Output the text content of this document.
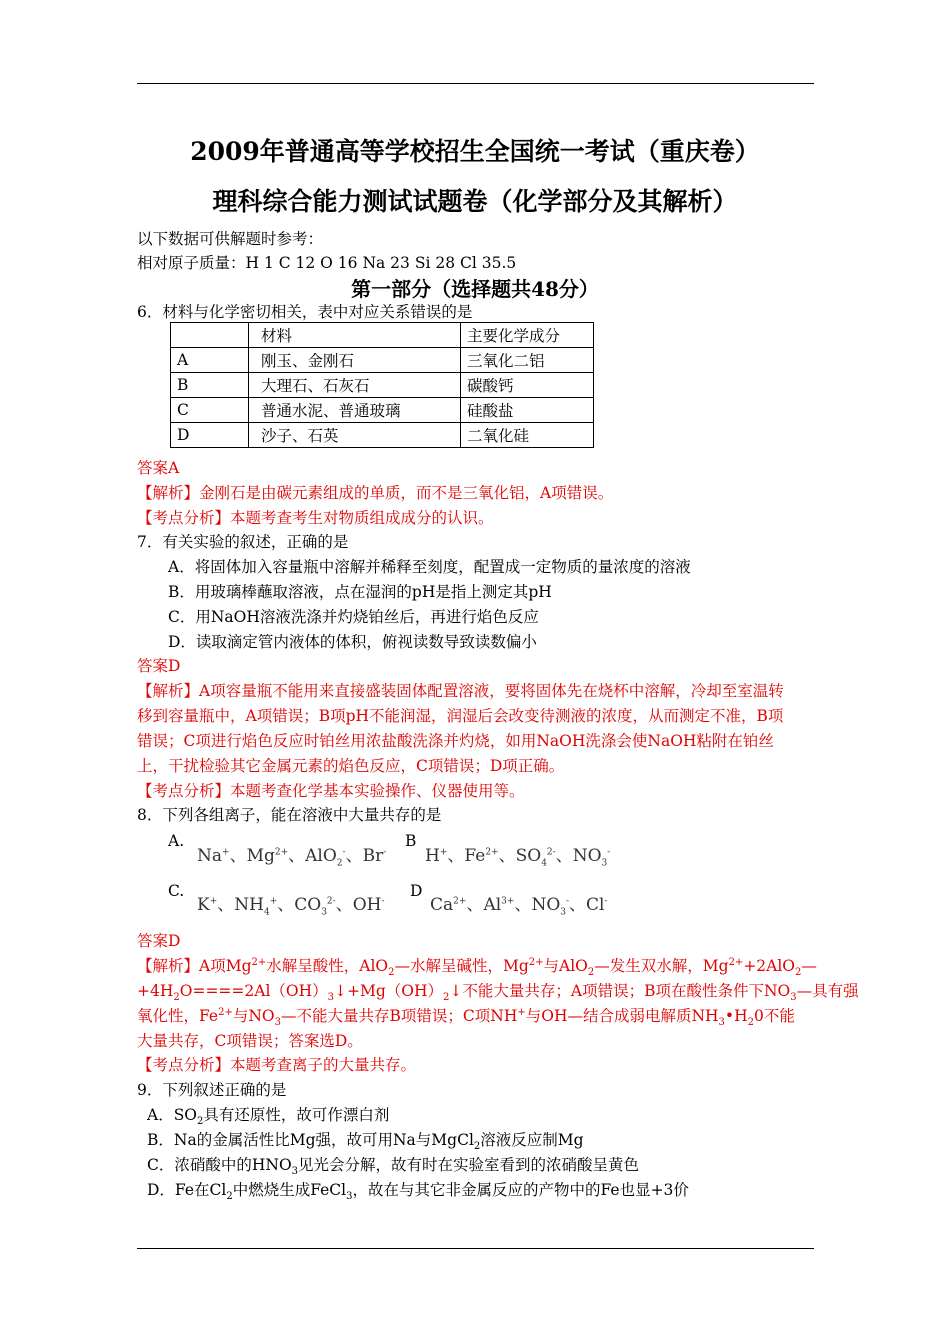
2009年普通高等学校招生全国统一考试（重庆卷）
理科综合能力测试试题卷（化学部分及其解析）
以下数据可供解题时参考：
相对原子质量：H 1 C 12 O 16 Na 23 Si 28 Cl 35.5
第一部分（选择题共48分）
6．材料与化学密切相关，表中对应关系错误的是
	材料	主要化学成分
A	刚玉、金刚石	三氧化二铝
B	大理石、石灰石	碳酸钙
C	普通水泥、普通玻璃	硅酸盐
D	沙子、石英	二氧化硅
答案A
【解析】金刚石是由碳元素组成的单质，而不是三氧化铝，A项错误。
【考点分析】本题考查考生对物质组成成分的认识。
7．有关实验的叙述，正确的是
A．将固体加入容量瓶中溶解并稀释至刻度，配置成一定物质的量浓度的溶液
B．用玻璃棒蘸取溶液，点在湿润的pH是指上测定其pH
C．用NaOH溶液洗涤并灼烧铂丝后，再进行焰色反应
D．读取滴定管内液体的体积，俯视读数导致读数偏小
答案D
【解析】A项容量瓶不能用来直接盛装固体配置溶液，要将固体先在烧杯中溶解，冷却至室温转
移到容量瓶中，A项错误；B项pH不能润湿，润湿后会改变待测液的浓度，从而测定不准，B项
错误；C项进行焰色反应时铂丝用浓盐酸洗涤并灼烧，如用NaOH洗涤会使NaOH粘附在铂丝
上，干扰检验其它金属元素的焰色反应，C项错误；D项正确。
【考点分析】本题考查化学基本实验操作、仪器使用等。
8．下列各组离子，能在溶液中大量共存的是
A.
Na+、$Mg^{2+}$、AlO$_2$-、Br-
B
H+、$Fe^{2+}$、$SO_4^{2-}$、$NO_3^-$
C.
K+、$NH_4^+$、$CO_3^{2-}$、OH-
D
$Ca^{2+}$、$Al^{3+}$、$NO_3^-$、Cl-
答案D
【解析】A项$Mg^{2+}$水解呈酸性，AlO$_2$—水解呈碱性，$Mg^{2+}$与AlO$_2$—发生双水解，$Mg^{2+}+2AlO_2—$
$+4H_2O====2Al(OH)_3↓+Mg(OH)_2↓$不能大量共存；A项错误；B项在酸性条件下$NO_3—$具有强
氧化性，$Fe^{2+}$与$NO_3—$不能大量共存B项错误；C项NH+与OH—结合成弱电解质$NH_3•H_20$不能
大量共存，C项错误；答案选D。
【考点分析】本题考查离子的大量共存。
9．下列叙述正确的是
A．$SO_2$具有还原性，故可作漂白剂
B．Na的金属活性比Mg强，故可用Na与MgCl$_2$溶液反应制Mg
C．浓硝酸中的$HNO_3$见光会分解，故有时在实验室看到的浓硝酸呈黄色
D．Fe在$Cl_2$中燃烧生成FeCl$_3$，故在与其它非金属反应的产物中的Fe也显+3价
